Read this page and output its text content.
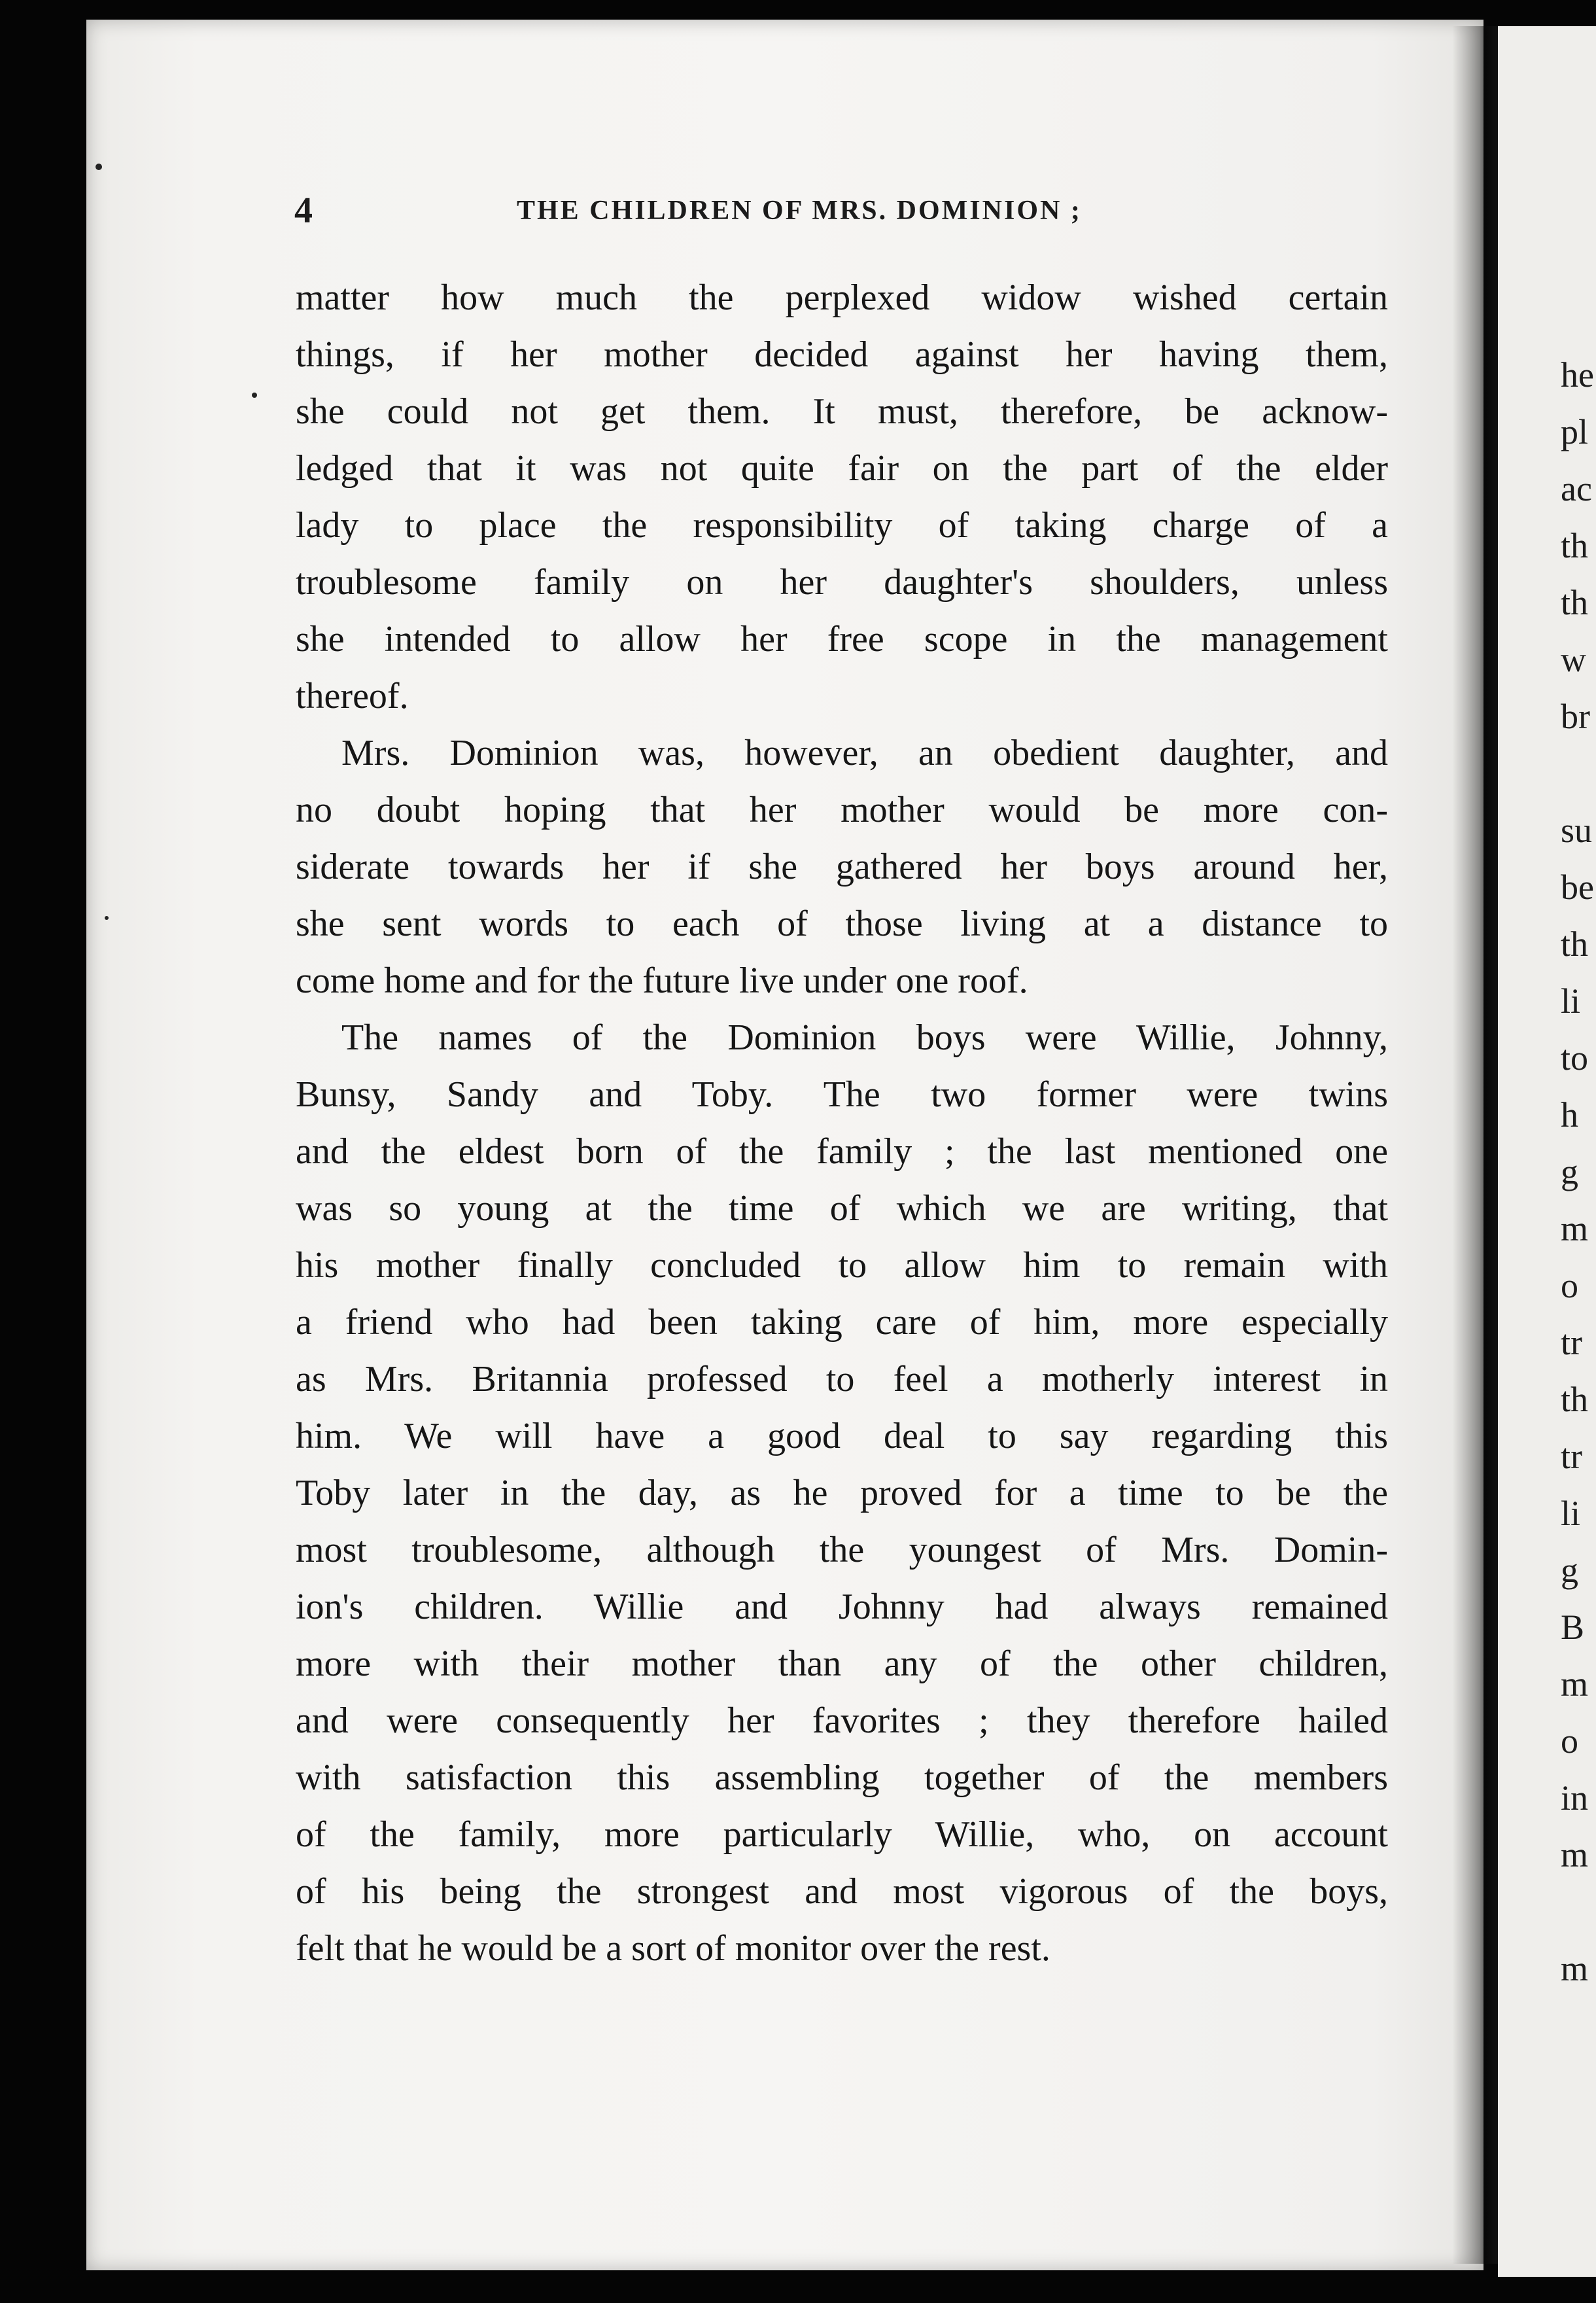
he
pl
ac
th
th
w
br
su
be
th
li
to
h
g
m
o
tr
th
tr
li
g
B
m
o
in
m
m
4	THE CHILDREN OF MRS. DOMINION ;
matter how much the perplexed widow wished certain
things, if her mother decided against her having them,
she could not get them. It must, therefore, be acknow-
ledged that it was not quite fair on the part of the elder
lady to place the responsibility of taking charge of a
troublesome family on her daughter's shoulders, unless
she intended to allow her free scope in the management
thereof.
Mrs. Dominion was, however, an obedient daughter, and
no doubt hoping that her mother would be more con-
siderate towards her if she gathered her boys around her,
she sent words to each of those living at a distance to
come home and for the future live under one roof.
The names of the Dominion boys were Willie, Johnny,
Bunsy, Sandy and Toby. The two former were twins
and the eldest born of the family ; the last mentioned one
was so young at the time of which we are writing, that
his mother finally concluded to allow him to remain with
a friend who had been taking care of him, more especially
as Mrs. Britannia professed to feel a motherly interest in
him. We will have a good deal to say regarding this
Toby later in the day, as he proved for a time to be the
most troublesome, although the youngest of Mrs. Domin-
ion's children. Willie and Johnny had always remained
more with their mother than any of the other children,
and were consequently her favorites ; they therefore hailed
with satisfaction this assembling together of the members
of the family, more particularly Willie, who, on account
of his being the strongest and most vigorous of the boys,
felt that he would be a sort of monitor over the rest.
